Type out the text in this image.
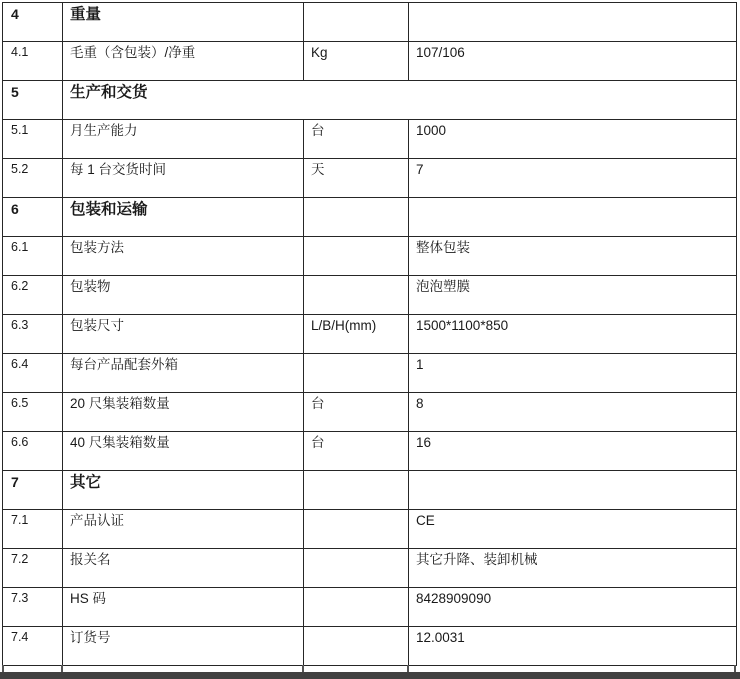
4	重量		
4.1	毛重（含包装）/净重	Kg	107/106
5	生产和交货		
5.1	月生产能力	台	1000
5.2	每 1 台交货时间	天	7
6	包装和运输		
6.1	包装方法		整体包装
6.2	包装物		泡泡塑膜
6.3	包装尺寸	L/B/H(mm)	1500*1100*850
6.4	每台产品配套外箱		1
6.5	20 尺集装箱数量	台	8
6.6	40 尺集装箱数量	台	16
7	其它		
7.1	产品认证		CE
7.2	报关名		其它升降、装卸机械
7.3	HS 码		8428909090
7.4	订货号		12.0031
